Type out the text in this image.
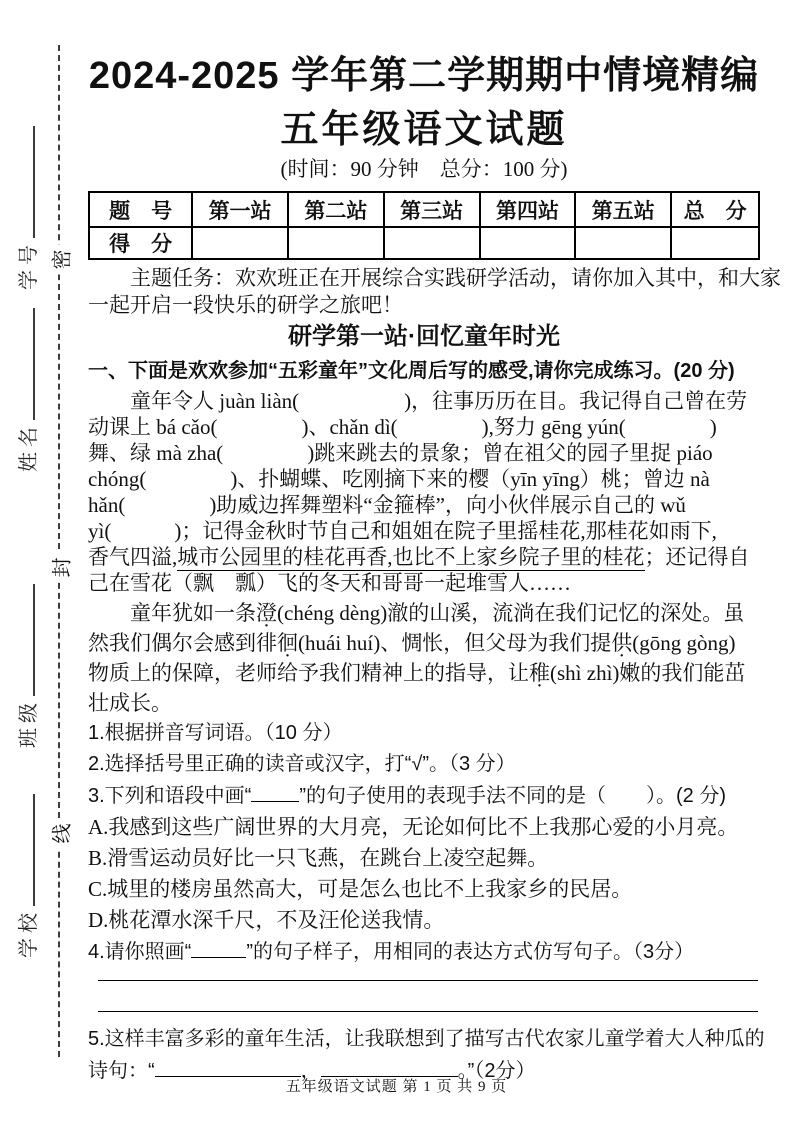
密
封
线
学号
姓名
班级
学校
2024-2025 学年第二学期期中情境精编
五年级语文试题
(时间：90 分钟　总分：100 分)
题　号	第一站	第二站	第三站	第四站	第五站	总　分
得　分						
　　主题任务：欢欢班正在开展综合实践研学活动，请你加入其中，和大家
一起开启一段快乐的研学之旅吧！
研学第一站·回忆童年时光
一、下面是欢欢参加“五彩童年”文化周后写的感受,请你完成练习。(20 分)
　　童年令人 juàn liàn(　　　　　)，往事历历在目。我记得自己曾在劳
动课上 bá cǎo(　　　　)、chǎn dì(　　　　),努力 gēng yún(　　　　)
舞、绿 mà zha(　　　　)跳来跳去的景象；曾在祖父的园子里捉 piáo
chóng(　　　　)、扑蝴蝶、吃刚摘下来的樱（yīn yīng）桃；曾边 nà
hǎn(　　　　)助威边挥舞塑料“金箍棒”，向小伙伴展示自己的 wǔ
yì(　　　)；记得金秋时节自己和姐姐在院子里摇桂花,那桂花如雨下,
香气四溢,城市公园里的桂花再香,也比不上家乡院子里的桂花；还记得自
己在雪花（飘　瓢）飞的冬天和哥哥一起堆雪人……
　　童年犹如一条澄(chéng dèng)澈的山溪，流淌在我们记忆的深处。虽
然我们偶尔会感到徘徊(huái huí)、惆怅，但父母为我们提供(gōng gòng)
物质上的保障，老师给予我们精神上的指导，让稚(shì zhì)嫩的我们能茁
壮成长。
1.根据拼音写词语。（10 分）
2.选择括号里正确的读音或汉字，打“√”。（3 分）
3.下列和语段中画“ ”的句子使用的表现手法不同的是（　　）。(2 分)
A.我感到这些广阔世界的大月亮，无论如何比不上我那心爱的小月亮。
B.滑雪运动员好比一只飞燕，在跳台上凌空起舞。
C.城里的楼房虽然高大，可是怎么也比不上我家乡的民居。
D.桃花潭水深千尺，不及汪伦送我情。
4.请你照画“	”的句子样子，用相同的表达方式仿写句子。（3分）
5.这样丰富多彩的童年生活，让我联想到了描写古代农家儿童学着大人种瓜的
诗句：“	，	。”（2分）
五年级语文试题 第 1 页 共 9 页
